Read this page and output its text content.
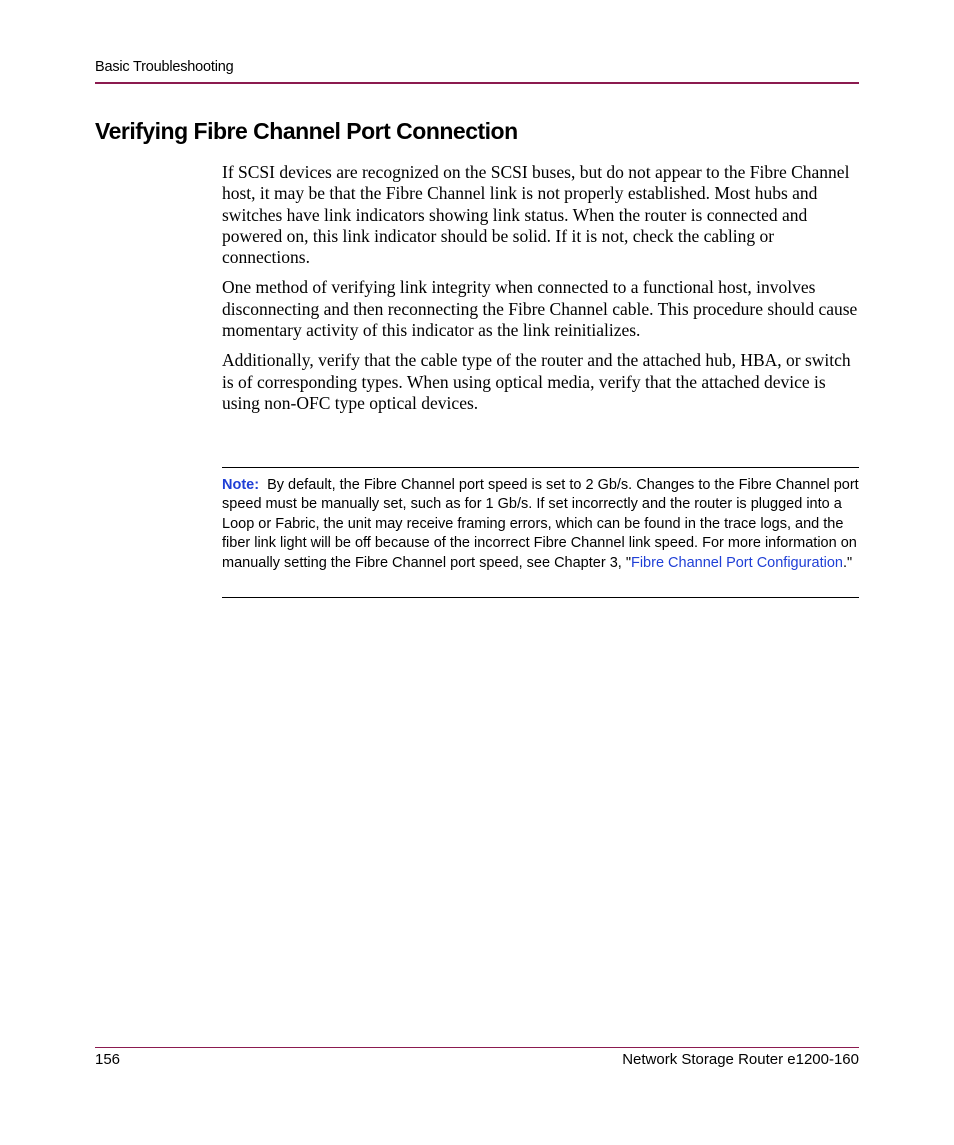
Basic Troubleshooting
Verifying Fibre Channel Port Connection

If SCSI devices are recognized on the SCSI buses, but do not appear to the Fibre Channel host, it may be that the Fibre Channel link is not properly established. Most hubs and switches have link indicators showing link status. When the router is connected and powered on, this link indicator should be solid. If it is not, check the cabling or connections.

One method of verifying link integrity when connected to a functional host, involves disconnecting and then reconnecting the Fibre Channel cable. This procedure should cause momentary activity of this indicator as the link reinitializes.

Additionally, verify that the cable type of the router and the attached hub, HBA, or switch is of corresponding types. When using optical media, verify that the attached device is using non-OFC type optical devices.

Note: By default, the Fibre Channel port speed is set to 2 Gb/s. Changes to the Fibre Channel port speed must be manually set, such as for 1 Gb/s. If set incorrectly and the router is plugged into a Loop or Fabric, the unit may receive framing errors, which can be found in the trace logs, and the fiber link light will be off because of the incorrect Fibre Channel link speed. For more information on manually setting the Fibre Channel port speed, see Chapter 3, "Fibre Channel Port Configuration."

156	Network Storage Router e1200-160
